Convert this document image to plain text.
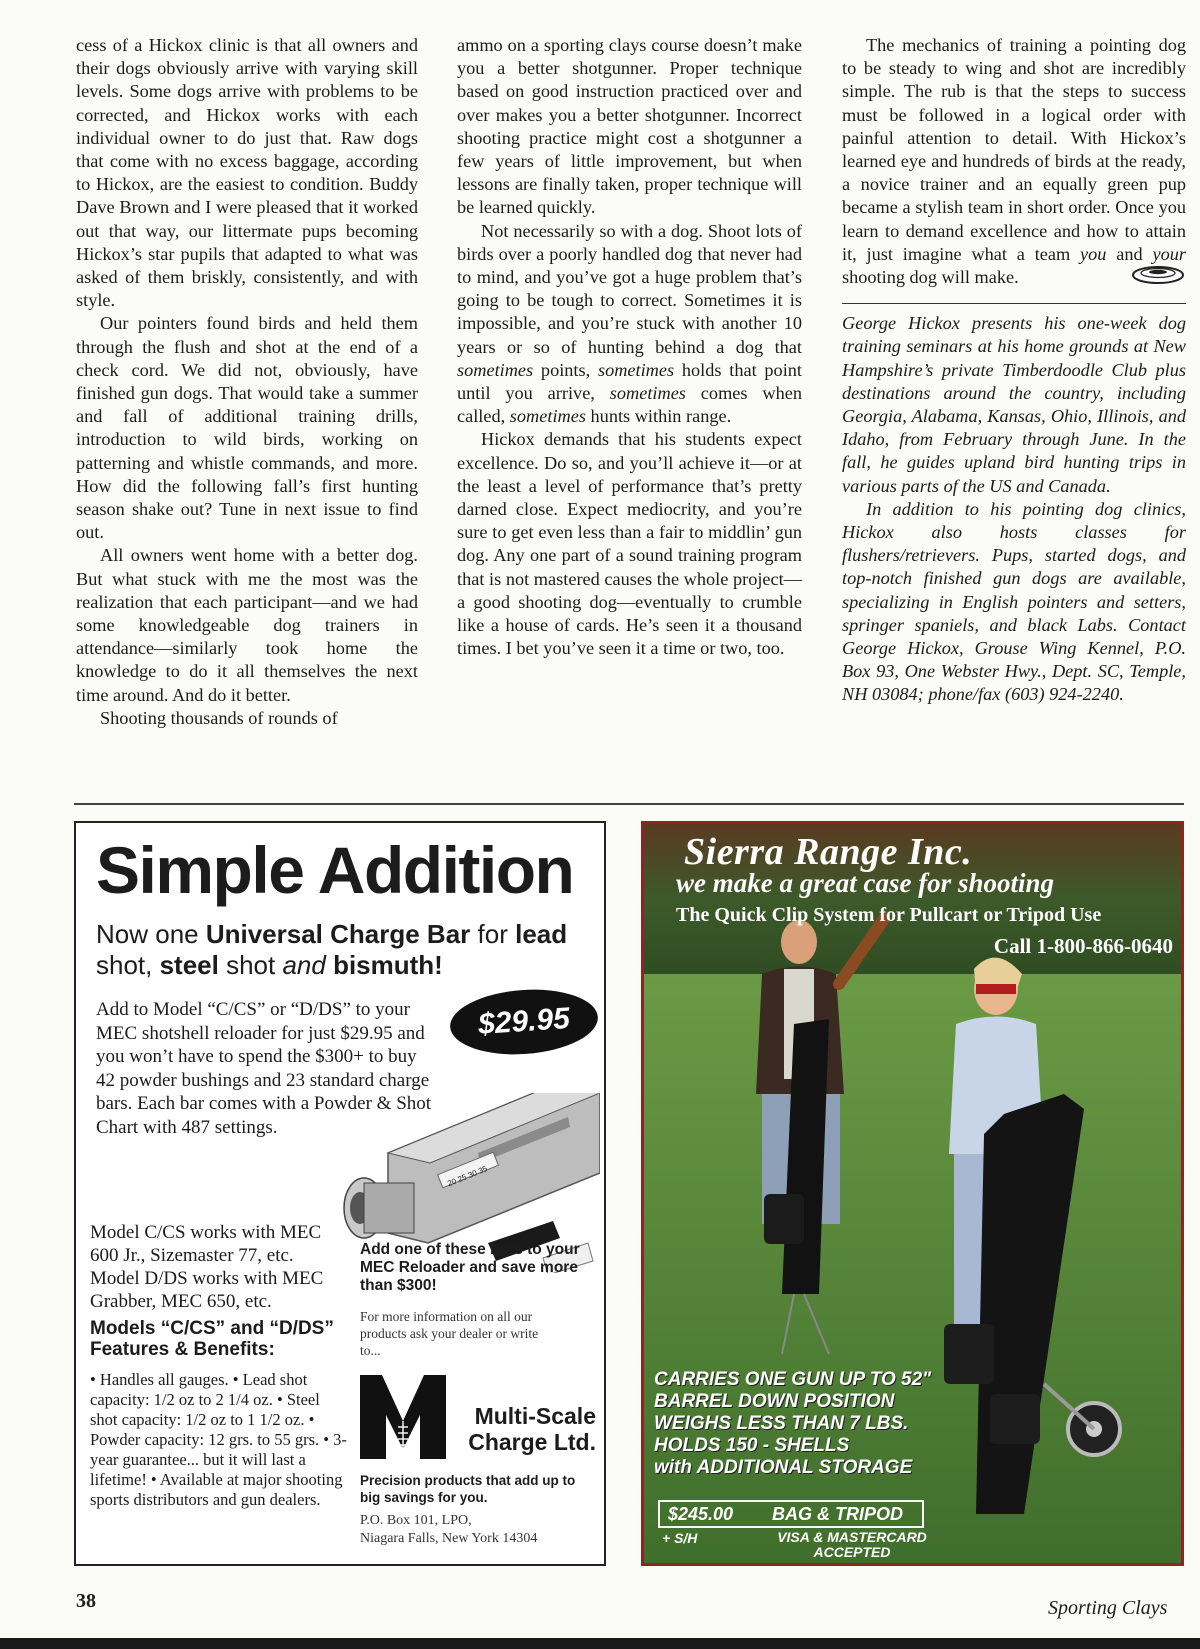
cess of a Hickox clinic is that all owners and their dogs obviously arrive with varying skill levels. Some dogs arrive with problems to be corrected, and Hickox works with each individual owner to do just that. Raw dogs that come with no excess baggage, according to Hickox, are the easiest to condition. Buddy Dave Brown and I were pleased that it worked out that way, our littermate pups becoming Hickox’s star pupils that adapted to what was asked of them briskly, consistently, and with style.

Our pointers found birds and held them through the flush and shot at the end of a check cord. We did not, obviously, have finished gun dogs. That would take a summer and fall of additional training drills, introduction to wild birds, working on patterning and whistle commands, and more. How did the following fall’s first hunting season shake out? Tune in next issue to find out.

All owners went home with a better dog. But what stuck with me the most was the realization that each participant—and we had some knowledgeable dog trainers in attendance—similarly took home the knowledge to do it all themselves the next time around. And do it better.

Shooting thousands of rounds of

ammo on a sporting clays course doesn’t make you a better shotgunner. Proper technique based on good instruction practiced over and over makes you a better shotgunner. Incorrect shooting practice might cost a shotgunner a few years of little improvement, but when lessons are finally taken, proper technique will be learned quickly.

Not necessarily so with a dog. Shoot lots of birds over a poorly handled dog that never had to mind, and you’ve got a huge problem that’s going to be tough to correct. Sometimes it is impossible, and you’re stuck with another 10 years or so of hunting behind a dog that sometimes points, sometimes holds that point until you arrive, sometimes comes when called, sometimes hunts within range.

Hickox demands that his students expect excellence. Do so, and you’ll achieve it—or at the least a level of performance that’s pretty darned close. Expect mediocrity, and you’re sure to get even less than a fair to middlin’ gun dog. Any one part of a sound training program that is not mastered causes the whole project—a good shooting dog—eventually to crumble like a house of cards. He’s seen it a thousand times. I bet you’ve seen it a time or two, too.

The mechanics of training a pointing dog to be steady to wing and shot are incredibly simple. The rub is that the steps to success must be followed in a logical order with painful attention to detail. With Hickox’s learned eye and hundreds of birds at the ready, a novice trainer and an equally green pup became a stylish team in short order. Once you learn to demand excellence and how to attain it, just imagine what a team you and your shooting dog will make.

George Hickox presents his one-week dog training seminars at his home grounds at New Hampshire’s private Timberdoodle Club plus destinations around the country, including Georgia, Alabama, Kansas, Ohio, Illinois, and Idaho, from February through June. In the fall, he guides upland bird hunting trips in various parts of the US and Canada.

In addition to his pointing dog clinics, Hickox also hosts classes for flushers/retrievers. Pups, started dogs, and top-notch finished gun dogs are available, specializing in English pointers and setters, springer spaniels, and black Labs. Contact George Hickox, Grouse Wing Kennel, P.O. Box 93, One Webster Hwy., Dept. SC, Temple, NH 03084; phone/fax (603) 924-2240.

Simple Addition
Now one Universal Charge Bar for lead shot, steel shot and bismuth!
Add to Model “C/CS” or “D/DS” to your MEC shotshell reloader for just $29.95 and you won’t have to spend the $300+ to buy 42 powder bushings and 23 standard charge bars. Each bar comes with a Powder & Shot Chart with 487 settings.
$29.95
20 25 30 35
Model C/CS works with MEC 600 Jr., Sizemaster 77, etc. Model D/DS works with MEC Grabber, MEC 650, etc.
Models “C/CS” and “D/DS” Features & Benefits:
• Handles all gauges. • Lead shot capacity: 1/2 oz to 2 1/4 oz. • Steel shot capacity: 1/2 oz to 1 1/2 oz. • Powder capacity: 12 grs. to 55 grs. • 3-year guarantee... but it will last a lifetime! • Available at major shooting sports distributors and gun dealers.
Add one of these bars to your MEC Reloader and save more than $300!
For more information on all our products ask your dealer or write to...
Multi-Scale Charge Ltd.
Precision products that add up to big savings for you.
P.O. Box 101, LPO,
Niagara Falls, New York 14304
Sierra Range Inc.
we make a great case for shooting
The Quick Clip System for Pullcart or Tripod Use
Call 1-800-866-0640
CARRIES ONE GUN UP TO 52"
BARREL DOWN POSITION
WEIGHS LESS THAN 7 LBS.
HOLDS 150 - SHELLS
with ADDITIONAL STORAGE
$245.00 BAG & TRIPOD
+ S/H	VISA & MASTERCARD
ACCEPTED
38	Sporting Clays
